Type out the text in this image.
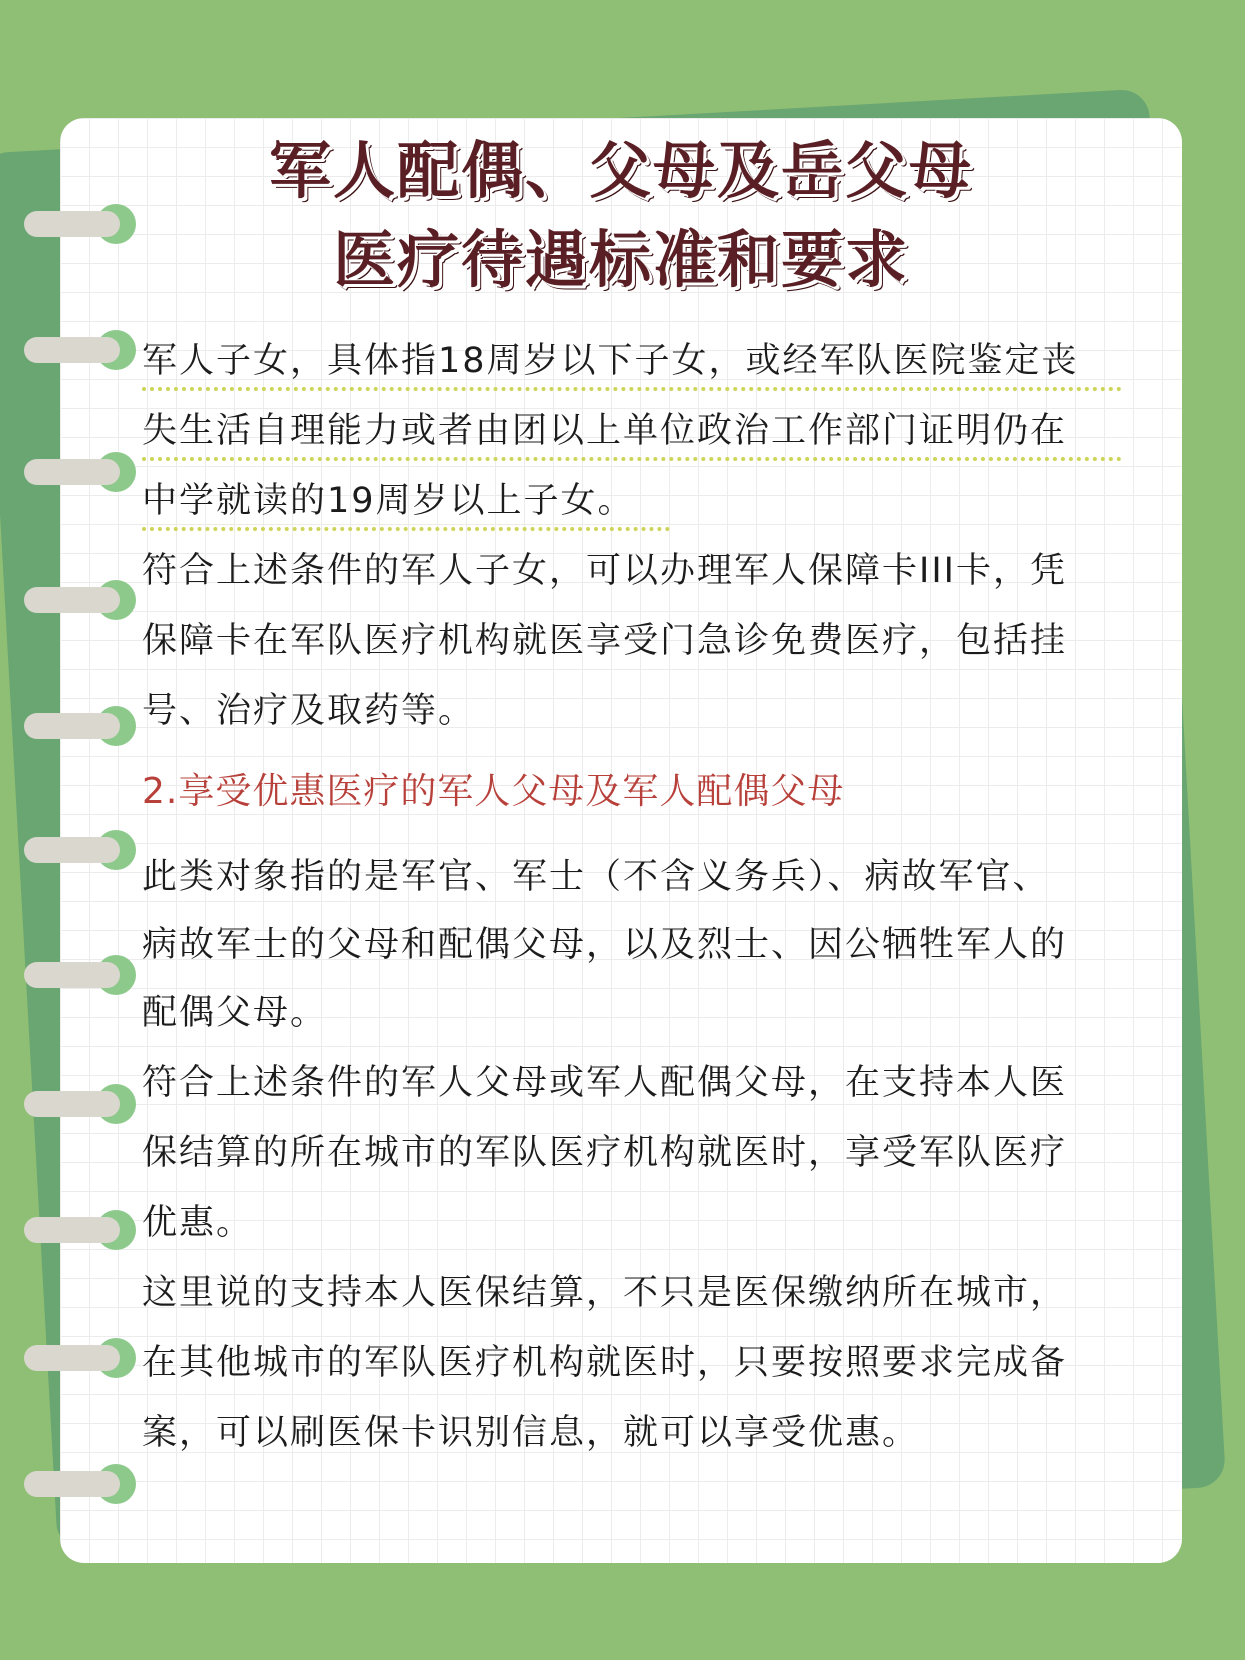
军人配偶、父母及岳父母
医疗待遇标准和要求
军人子女，具体指18周岁以下子女，或经军队医院鉴定丧
失生活自理能力或者由团以上单位政治工作部门证明仍在
中学就读的19周岁以上子女。
符合上述条件的军人子女，可以办理军人保障卡III卡，凭
保障卡在军队医疗机构就医享受门急诊免费医疗，包括挂
号、治疗及取药等。
2.享受优惠医疗的军人父母及军人配偶父母
此类对象指的是军官、军士（不含义务兵）、病故军官、
病故军士的父母和配偶父母，以及烈士、因公牺牲军人的
配偶父母。
符合上述条件的军人父母或军人配偶父母，在支持本人医
保结算的所在城市的军队医疗机构就医时，享受军队医疗
优惠。
这里说的支持本人医保结算，不只是医保缴纳所在城市，
在其他城市的军队医疗机构就医时，只要按照要求完成备
案，可以刷医保卡识别信息，就可以享受优惠。
